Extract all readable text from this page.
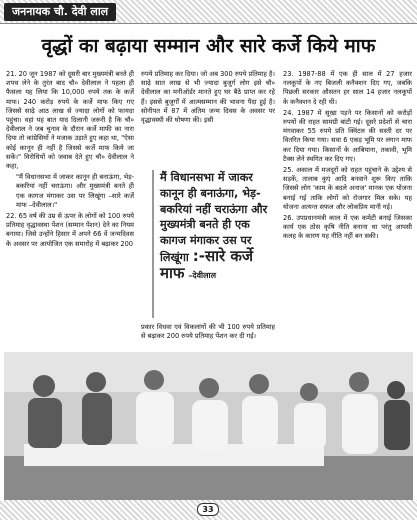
जननायक चौ. देवी लाल
वृद्धों का बढ़ाया सम्मान और सारे कर्जे किये माफ

21. 20 जून 1987 को दूसरी बार मुख्यमंत्री बनते ही शपथ लेने के तुरंत बाद चौ० देवीलाल ने पहला ही फैसला यह लिया कि 10,000 रुपये तक के कर्जे माफ। 240 करोड़ रुपये के कर्जे माफ किए गए जिससे साढ़े आठ लाख से ज्यादा लोगों को फायदा पहुंचा। वहां यह बात याद दिलानी जरूरी है कि चौ० देवीलाल ने जब चुनाव के दौरान कर्जे माफी का नारा दिया तो कांग्रेसियों ने मजाक उड़ाते हुए कहा था, "ऐसा कोई कानून ही नहीं है जिससे कर्जे माफ किये जा सकें।" विरोधियों को जवाब देते हुए चौ० देवीलाल ने कहा,

"मैं विधानसभा में जाकर कानून ही बनाऊंगा, भेड़-बकरियां नहीं चराऊंगा। और मुख्यमंत्री बनते ही एक कागज मंगाकर उस पर लिखूंगा –सारे कर्जे माफ –देवीलाल।"

22. 65 वर्ष की उम्र से ऊपर के लोगों को 100 रुपये प्रतिमाह वृद्धावस्था पेंशन (सम्मान पेंशन) देने का नियम बनाया। जिसे उन्होंने हिसार में अपने 66 वें जन्मदिवस के अवसर पर आयोजित एक समारोह में बढ़ाकर 200

रुपये प्रतिमाह कर दिया। जो अब 300 रुपये प्रतिमाह है। साढ़े सात लाख से भी ज्यादा बुजुर्ग लोग इसे चौ० देवीलाल का मनीऑर्डर मानते हुए घर बैठे प्राप्त कर रहे हैं। इससे बुजुर्गों में आत्मसम्मान की भावना पैदा हुई है। सोनीपत में 87 में अंतिम जन्म दिवस के अवसर पर वृद्धावस्थी की घोषणा की। इसी

मैं विधानसभा में जाकर कानून ही बनाऊंगा, भेड़-बकरियां नहीं चराऊंगा और मुख्यमंत्री बनते ही एक कागज मंगाकर उस पर लिखूंगा :-सारे कर्जे माफ –देवीलाल

प्रकार विधवा एवं विकलांगों की भी 100 रुपये प्रतिमाह से बढ़ाकर 200 रुपये प्रतिमाह पेंशन कर दी गई।

23. 1987-88 में एक ही साल में 27 हजार नलकूपों के नए बिजली कनैक्शन दिए गए, जबकि पिछली सरकार औसतन हर साल 14 हजार नलकूपों के कनैक्शन दे रही थी।

24. 1987 में सूखा पड़ने पर किसानों को करोड़ों रुपयों की राहत सामग्री बांटी गई। दूसरे प्रदेशों से चारा मंगवाकर 55 रुपये प्रति क्विंटल की सस्ती दर पर वितरित किया गया। सवा 6 एकड़ भूमि पर लगान माफ कर दिया गया। किसानों के आबियाना, तकावी, भूमि टैक्स लेने स्थगित कर दिए गए।

25. अकाल में मजदूरों को राहत पहुंचाने के उद्देश्य से सड़कें, तालाब कुएं आदि बनवाने शुरू किए ताकि जिससे लोग 'काम के बदले अनाज' मानक एक योजना बनाई गई ताकि लोगों को रोजगार मिल सके। यह योजना अत्यन्त सफल और लोकप्रिय मानी गई।

26. उपप्रधानमंत्री काल में एक कमेटी बनाई जिसका कार्य एक ठोस कृषि नीति बनाना था परंतु आपसी कलह के कारण यह नीति नहीं बन सकी।

33
